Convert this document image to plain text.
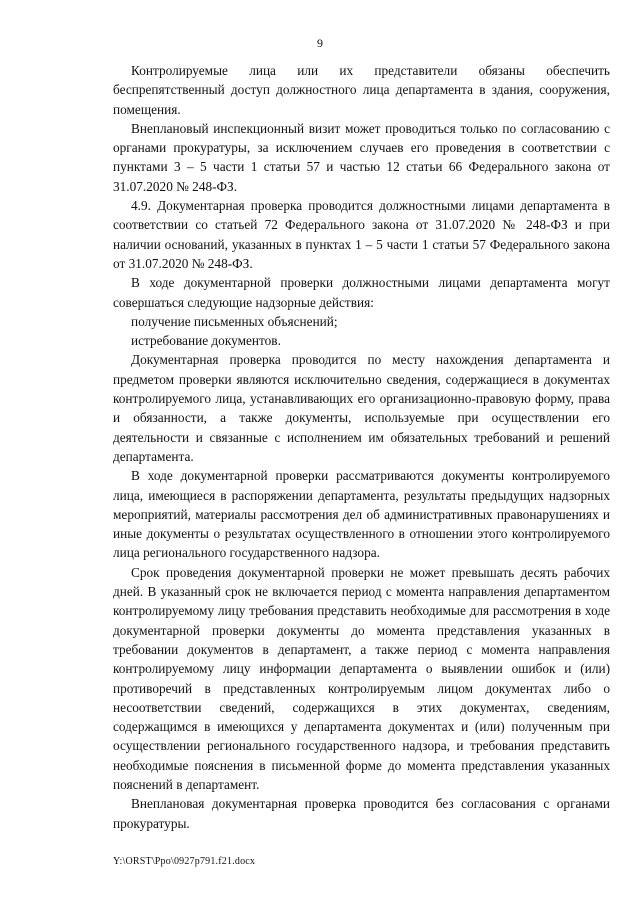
9

Контролируемые лица или их представители обязаны обеспечить беспрепятственный доступ должностного лица департамента в здания, сооружения, помещения.

Внеплановый инспекционный визит может проводиться только по согласованию с органами прокуратуры, за исключением случаев его проведения в соответствии с пунктами 3 – 5 части 1 статьи 57 и частью 12 статьи 66 Федерального закона от 31.07.2020 № 248-ФЗ.

4.9. Документарная проверка проводится должностными лицами департамента в соответствии со статьей 72 Федерального закона от 31.07.2020 № 248-ФЗ и при наличии оснований, указанных в пунктах 1 – 5 части 1 статьи 57 Федерального закона от 31.07.2020 № 248-ФЗ.

В ходе документарной проверки должностными лицами департамента могут совершаться следующие надзорные действия:

получение письменных объяснений;

истребование документов.

Документарная проверка проводится по месту нахождения департамента и предметом проверки являются исключительно сведения, содержащиеся в документах контролируемого лица, устанавливающих его организационно-правовую форму, права и обязанности, а также документы, используемые при осуществлении его деятельности и связанные с исполнением им обязательных требований и решений департамента.

В ходе документарной проверки рассматриваются документы контролируемого лица, имеющиеся в распоряжении департамента, результаты предыдущих надзорных мероприятий, материалы рассмотрения дел об административных правонарушениях и иные документы о результатах осуществленного в отношении этого контролируемого лица регионального государственного надзора.

Срок проведения документарной проверки не может превышать десять рабочих дней. В указанный срок не включается период с момента направления департаментом контролируемому лицу требования представить необходимые для рассмотрения в ходе документарной проверки документы до момента представления указанных в требовании документов в департамент, а также период с момента направления контролируемому лицу информации департамента о выявлении ошибок и (или) противоречий в представленных контролируемым лицом документах либо о несоответствии сведений, содержащихся в этих документах, сведениям, содержащимся в имеющихся у департамента документах и (или) полученным при осуществлении регионального государственного надзора, и требования представить необходимые пояснения в письменной форме до момента представления указанных пояснений в департамент.

Внеплановая документарная проверка проводится без согласования с органами прокуратуры.

Y:\ORST\Ppo\0927p791.f21.docx
